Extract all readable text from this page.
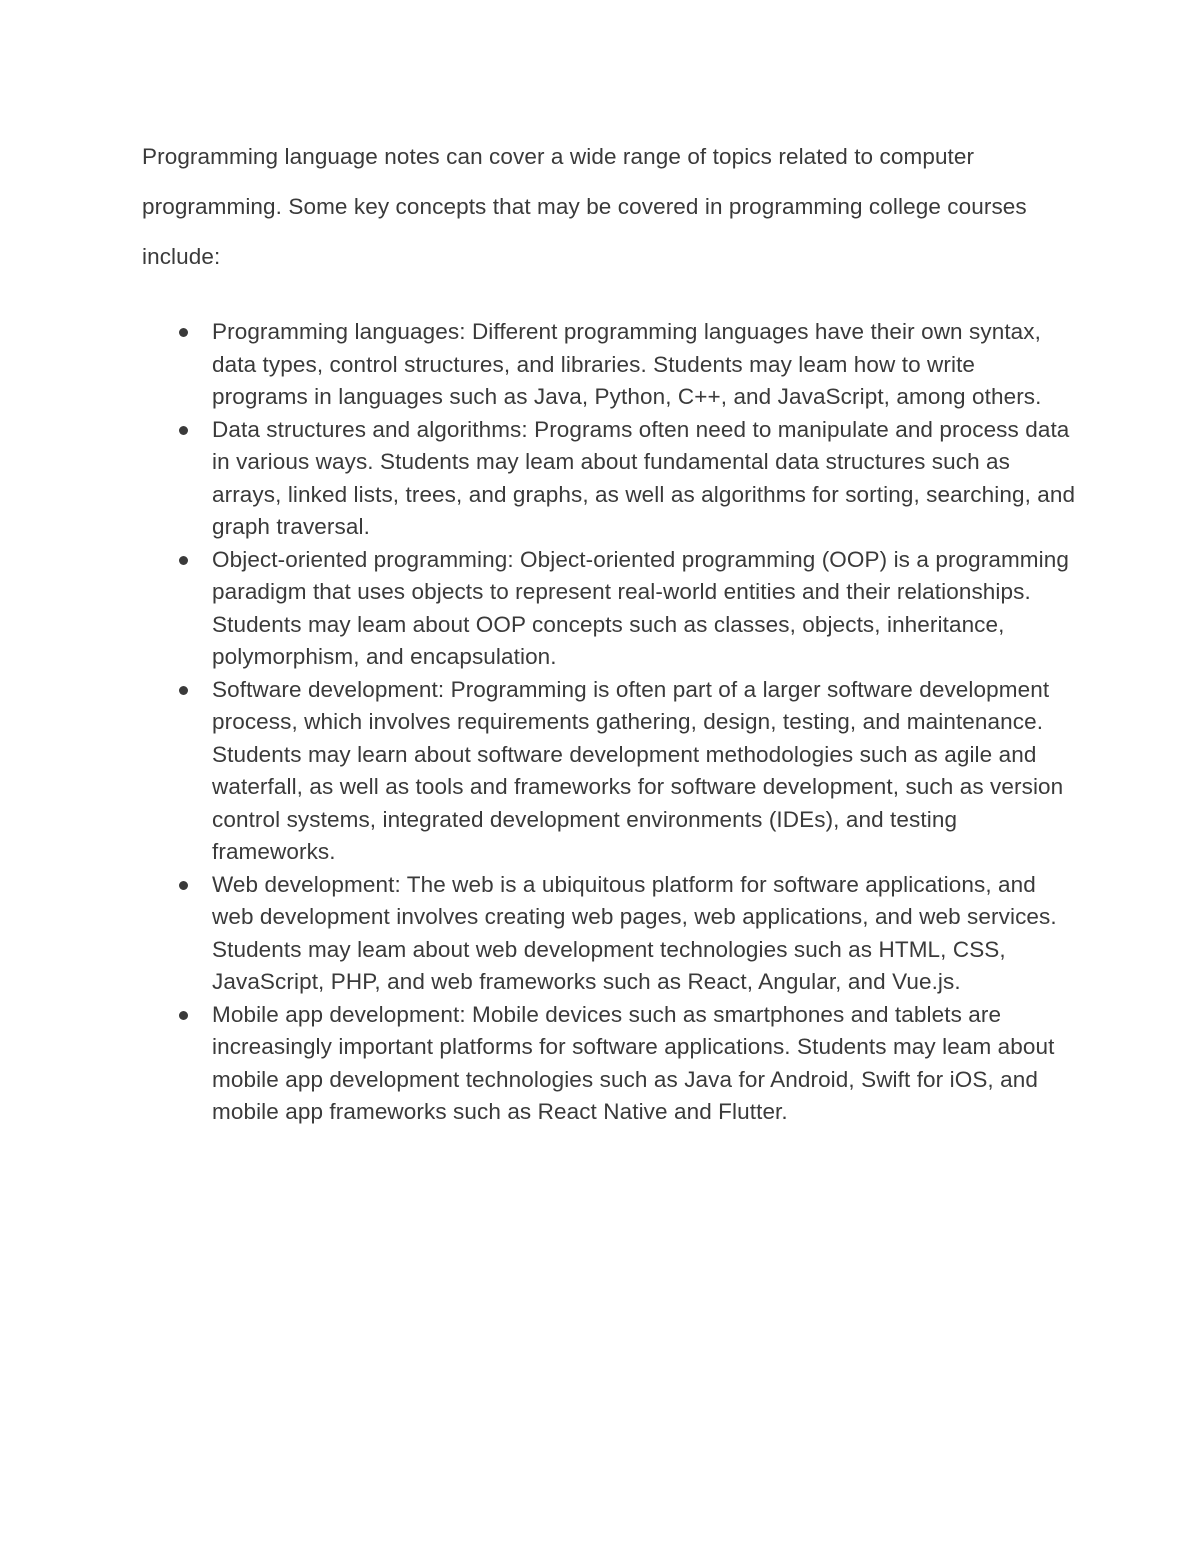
Programming language notes can cover a wide range of topics related to computer programming. Some key concepts that may be covered in programming college courses include:

Programming languages: Different programming languages have their own syntax, data types, control structures, and libraries. Students may leam how to write programs in languages such as Java, Python, C++, and JavaScript, among others.
Data structures and algorithms: Programs often need to manipulate and process data in various ways. Students may leam about fundamental data structures such as arrays, linked lists, trees, and graphs, as well as algorithms for sorting, searching, and graph traversal.
Object-oriented programming: Object-oriented programming (OOP) is a programming paradigm that uses objects to represent real-world entities and their relationships. Students may leam about OOP concepts such as classes, objects, inheritance, polymorphism, and encapsulation.
Software development: Programming is often part of a larger software development process, which involves requirements gathering, design, testing, and maintenance. Students may learn about software development methodologies such as agile and waterfall, as well as tools and frameworks for software development, such as version control systems, integrated development environments (IDEs), and testing frameworks.
Web development: The web is a ubiquitous platform for software applications, and web development involves creating web pages, web applications, and web services. Students may leam about web development technologies such as HTML, CSS, JavaScript, PHP, and web frameworks such as React, Angular, and Vue.js.
Mobile app development: Mobile devices such as smartphones and tablets are increasingly important platforms for software applications. Students may leam about mobile app development technologies such as Java for Android, Swift for iOS, and mobile app frameworks such as React Native and Flutter.
